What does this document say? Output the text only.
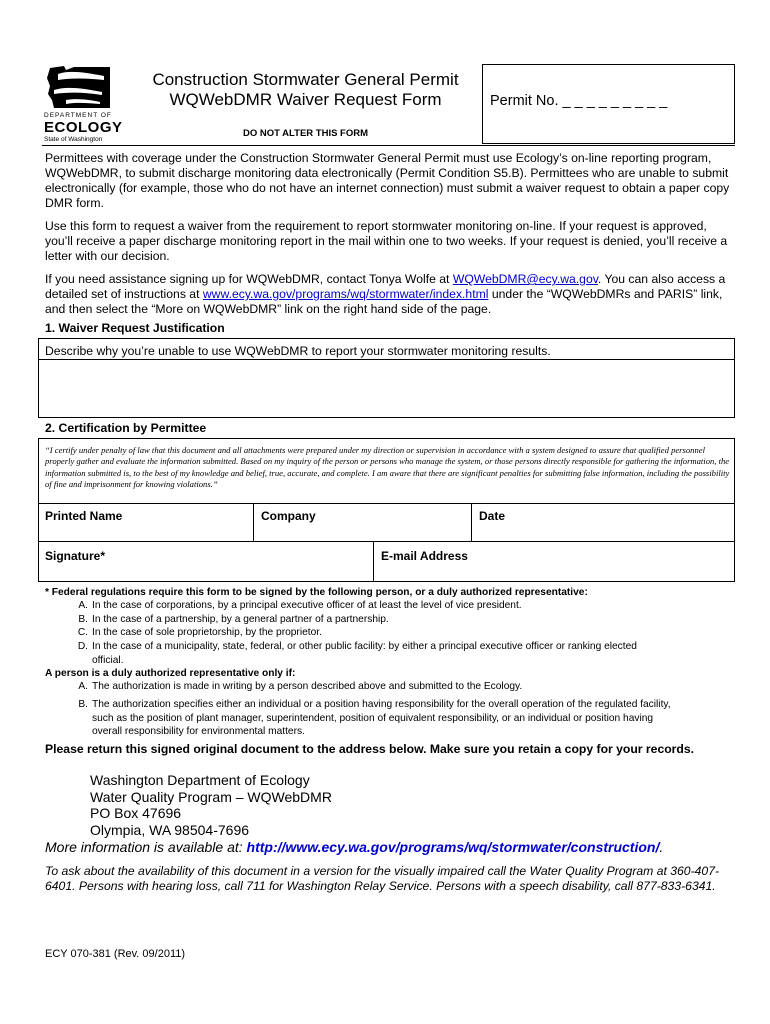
DEPARTMENT OF
ECOLOGY
State of Washington
Construction Stormwater General Permit
WQWebDMR Waiver Request Form
DO NOT ALTER THIS FORM
Permit No. _ _ _ _ _ _ _ _ _

Permittees with coverage under the Construction Stormwater General Permit must use Ecology’s on-line reporting program, WQWebDMR, to submit discharge monitoring data electronically (Permit Condition S5.B). Permittees who are unable to submit electronically (for example, those who do not have an internet connection) must submit a waiver request to obtain a paper copy DMR form.

Use this form to request a waiver from the requirement to report stormwater monitoring on-line. If your request is approved, you’ll receive a paper discharge monitoring report in the mail within one to two weeks. If your request is denied, you’ll receive a letter with our decision.

If you need assistance signing up for WQWebDMR, contact Tonya Wolfe at WQWebDMR@ecy.wa.gov. You can also access a detailed set of instructions at www.ecy.wa.gov/programs/wq/stormwater/index.html under the “WQWebDMRs and PARIS” link, and then select the “More on WQWebDMR” link on the right hand side of the page.

1. Waiver Request Justification
Describe why you’re unable to use WQWebDMR to report your stormwater monitoring results.
2. Certification by Permittee
Printed Name	Company	Date
Signature*	E-mail Address
“I certify under penalty of law that this document and all attachments were prepared under my direction or supervision in accordance with a system designed to assure that qualified personnel properly gather and evaluate the information submitted. Based on my inquiry of the person or persons who manage the system, or those persons directly responsible for gathering the information, the information submitted is, to the best of my knowledge and belief, true, accurate, and complete. I am aware that there are significant penalties for submitting false information, including the possibility of fine and imprisonment for knowing violations.”
* Federal regulations require this form to be signed by the following person, or a duly authorized representative:
A. In the case of corporations, by a principal executive officer of at least the level of vice president.
B. In the case of a partnership, by a general partner of a partnership.
C. In the case of sole proprietorship, by the proprietor.
D. In the case of a municipality, state, federal, or other public facility: by either a principal executive officer or ranking elected official.
A person is a duly authorized representative only if:
A. The authorization is made in writing by a person described above and submitted to the Ecology.
B. The authorization specifies either an individual or a position having responsibility for the overall operation of the regulated facility, such as the position of plant manager, superintendent, position of equivalent responsibility, or an individual or position having overall responsibility for environmental matters.
Please return this signed original document to the address below. Make sure you retain a copy for your records.
Washington Department of Ecology
Water Quality Program – WQWebDMR
PO Box 47696
Olympia, WA 98504-7696
More information is available at: http://www.ecy.wa.gov/programs/wq/stormwater/construction/.
To ask about the availability of this document in a version for the visually impaired call the Water Quality Program at 360-407-6401. Persons with hearing loss, call 711 for Washington Relay Service. Persons with a speech disability, call 877-833-6341.
ECY 070-381 (Rev. 09/2011)
